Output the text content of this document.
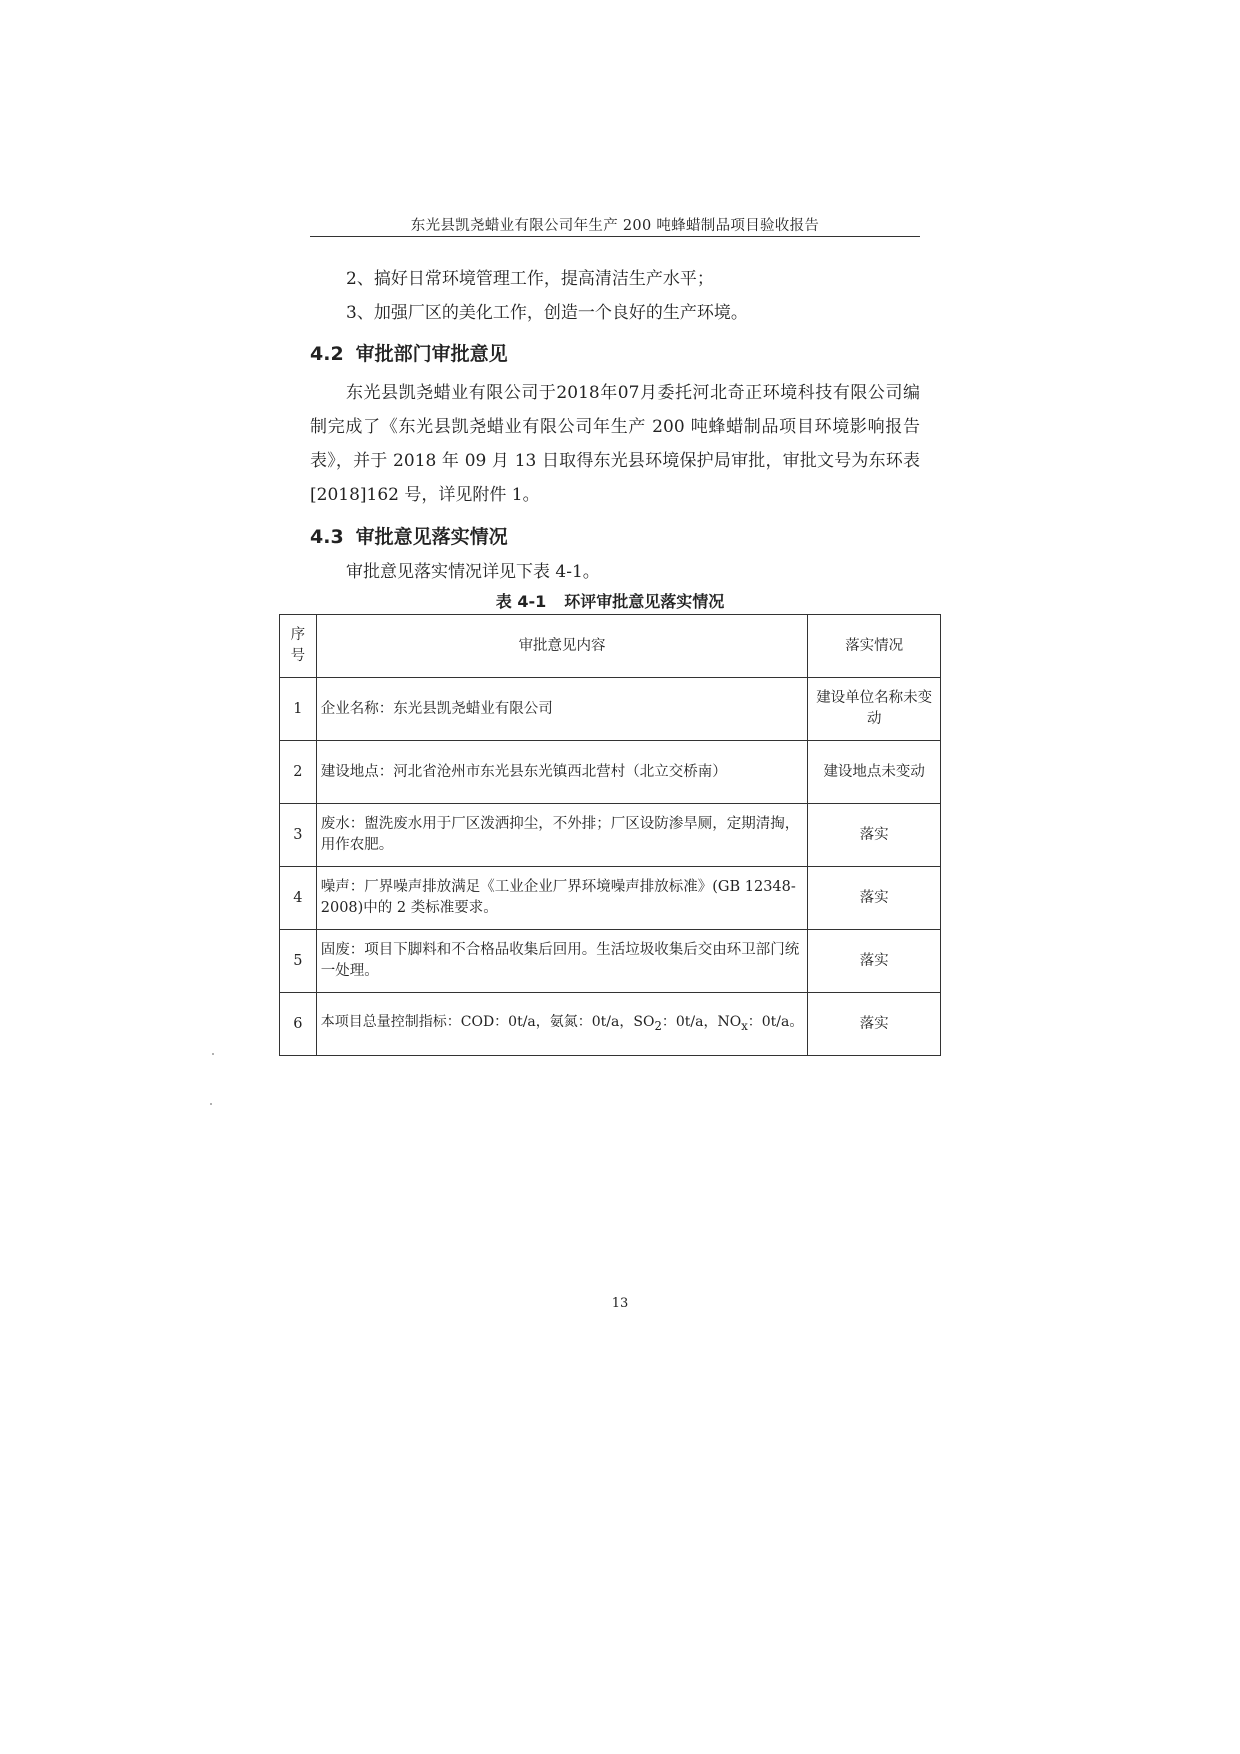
东光县凯尧蜡业有限公司年生产 200 吨蜂蜡制品项目验收报告
2、搞好日常环境管理工作，提高清洁生产水平；
3、加强厂区的美化工作，创造一个良好的生产环境。
4.2 审批部门审批意见
东光县凯尧蜡业有限公司于2018年07月委托河北奇正环境科技有限公司编制完成了《东光县凯尧蜡业有限公司年生产 200 吨蜂蜡制品项目环境影响报告表》，并于 2018 年 09 月 13 日取得东光县环境保护局审批，审批文号为东环表[2018]162 号，详见附件 1。
4.3 审批意见落实情况
审批意见落实情况详见下表 4-1。
表 4-1 环评审批意见落实情况
序号	审批意见内容	落实情况
1	企业名称：东光县凯尧蜡业有限公司	建设单位名称未变动
2	建设地点：河北省沧州市东光县东光镇西北营村（北立交桥南）	建设地点未变动
3	废水：盥洗废水用于厂区泼洒抑尘，不外排；厂区设防渗旱厕，定期清掏，用作农肥。	落实
4	噪声：厂界噪声排放满足《工业企业厂界环境噪声排放标准》(GB 12348-2008)中的 2 类标准要求。	落实
5	固废：项目下脚料和不合格品收集后回用。生活垃圾收集后交由环卫部门统一处理。	落实
6	本项目总量控制指标：COD：0t/a，氨氮：0t/a，$SO_2$：0t/a，$NO_x$：0t/a。	落实
13
